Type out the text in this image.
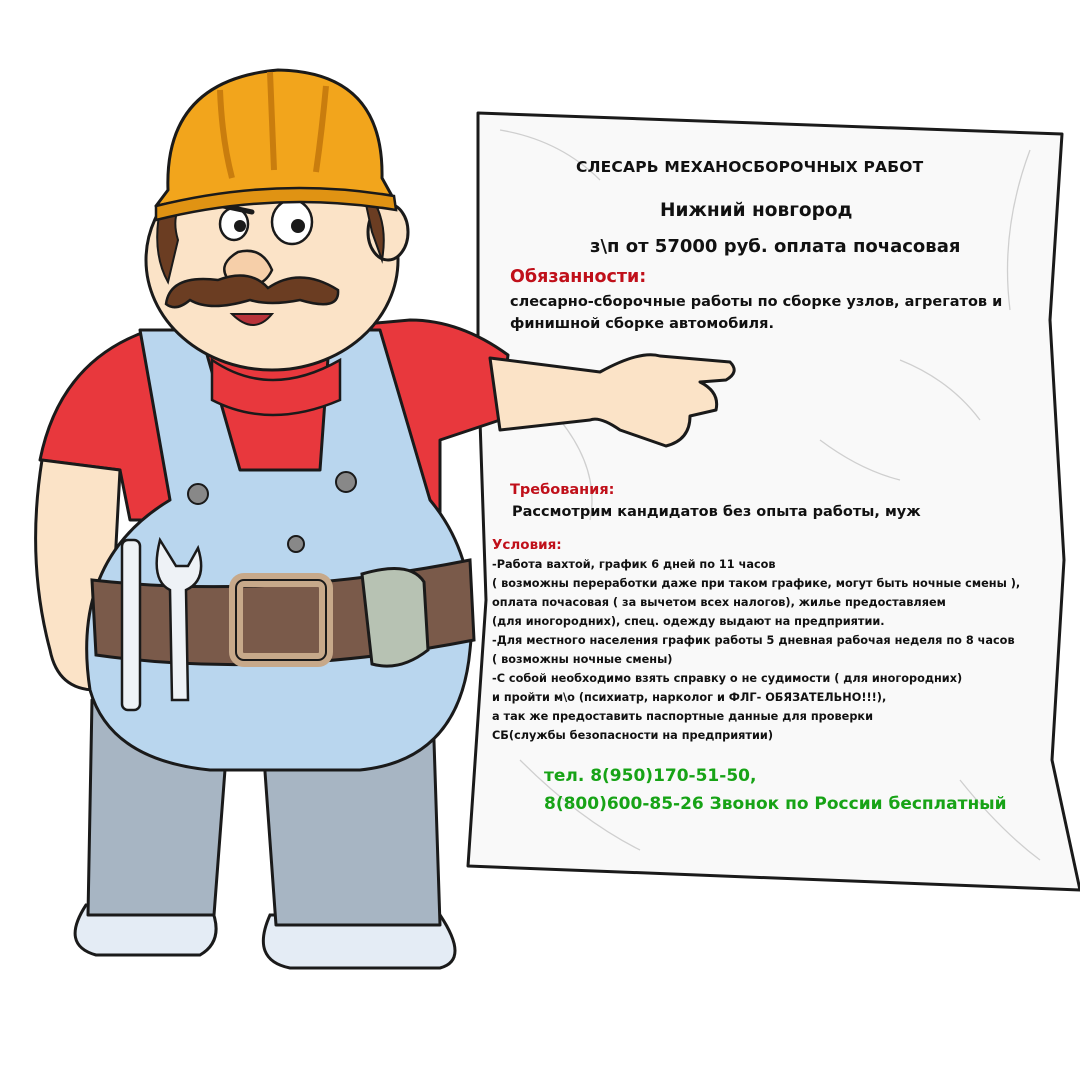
СЛЕСАРЬ МЕХАНОСБОРОЧНЫХ РАБОТ
Нижний новгород
з\п от 57000 руб. оплата почасовая
Обязанности:
слесарно-сборочные работы по сборке узлов, агрегатов и
финишной сборке автомобиля.
Требования:
Рассмотрим кандидатов без опыта работы, муж
Условия:
-Работа вахтой, график 6 дней по 11 часов
( возможны переработки даже при таком графике, могут быть ночные смены ),
оплата почасовая ( за вычетом всех налогов), жилье предоставляем
(для иногородних), спец. одежду выдают на предприятии.
-Для местного населения график работы 5 дневная рабочая неделя по 8 часов
( возможны ночные смены)
-С собой необходимо взять справку о не судимости ( для иногородних)
и пройти м\о (психиатр, нарколог и ФЛГ- ОБЯЗАТЕЛЬНО!!!),
а так же предоставить паспортные данные для проверки
СБ(службы безопасности на предприятии)
тел. 8(950)170-51-50,
8(800)600-85-26 Звонок по России бесплатный
